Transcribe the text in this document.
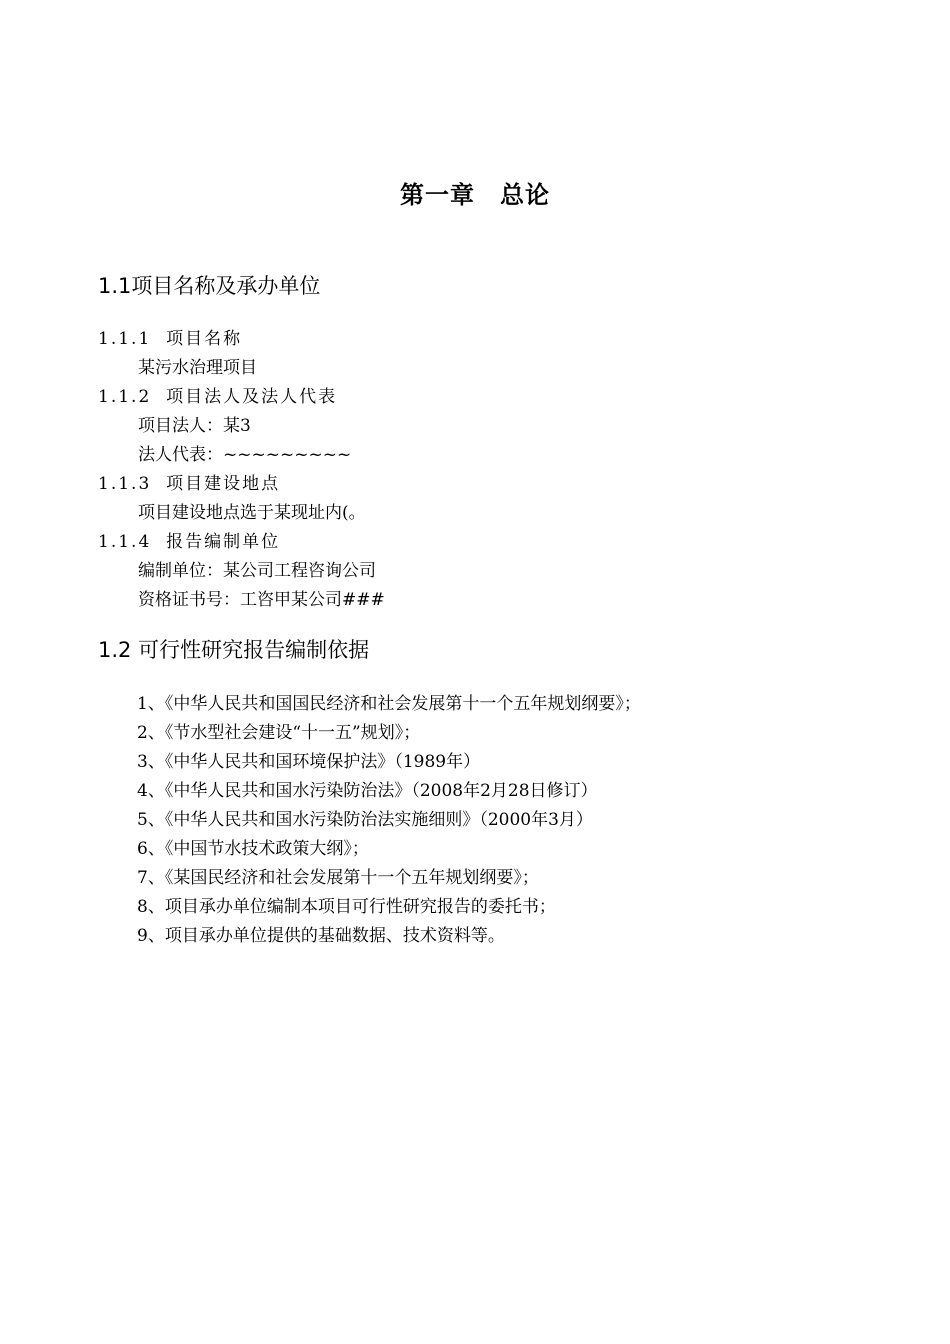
第一章　总论
1.1项目名称及承办单位
1.1.1 项目名称
某污水治理项目
1.1.2 项目法人及法人代表
项目法人：某3
法人代表：~~~~~~~~~
1.1.3 项目建设地点
项目建设地点选于某现址内(。
1.1.4 报告编制单位
编制单位：某公司工程咨询公司
资格证书号：工咨甲某公司###
1.2 可行性研究报告编制依据
1、《中华人民共和国国民经济和社会发展第十一个五年规划纲要》；
2、《节水型社会建设“十一五”规划》；
3、《中华人民共和国环境保护法》（1989年）
4、《中华人民共和国水污染防治法》（2008年2月28日修订）
5、《中华人民共和国水污染防治法实施细则》（2000年3月）
6、《中国节水技术政策大纲》；
7、《某国民经济和社会发展第十一个五年规划纲要》；
8、项目承办单位编制本项目可行性研究报告的委托书；
9、项目承办单位提供的基础数据、技术资料等。
